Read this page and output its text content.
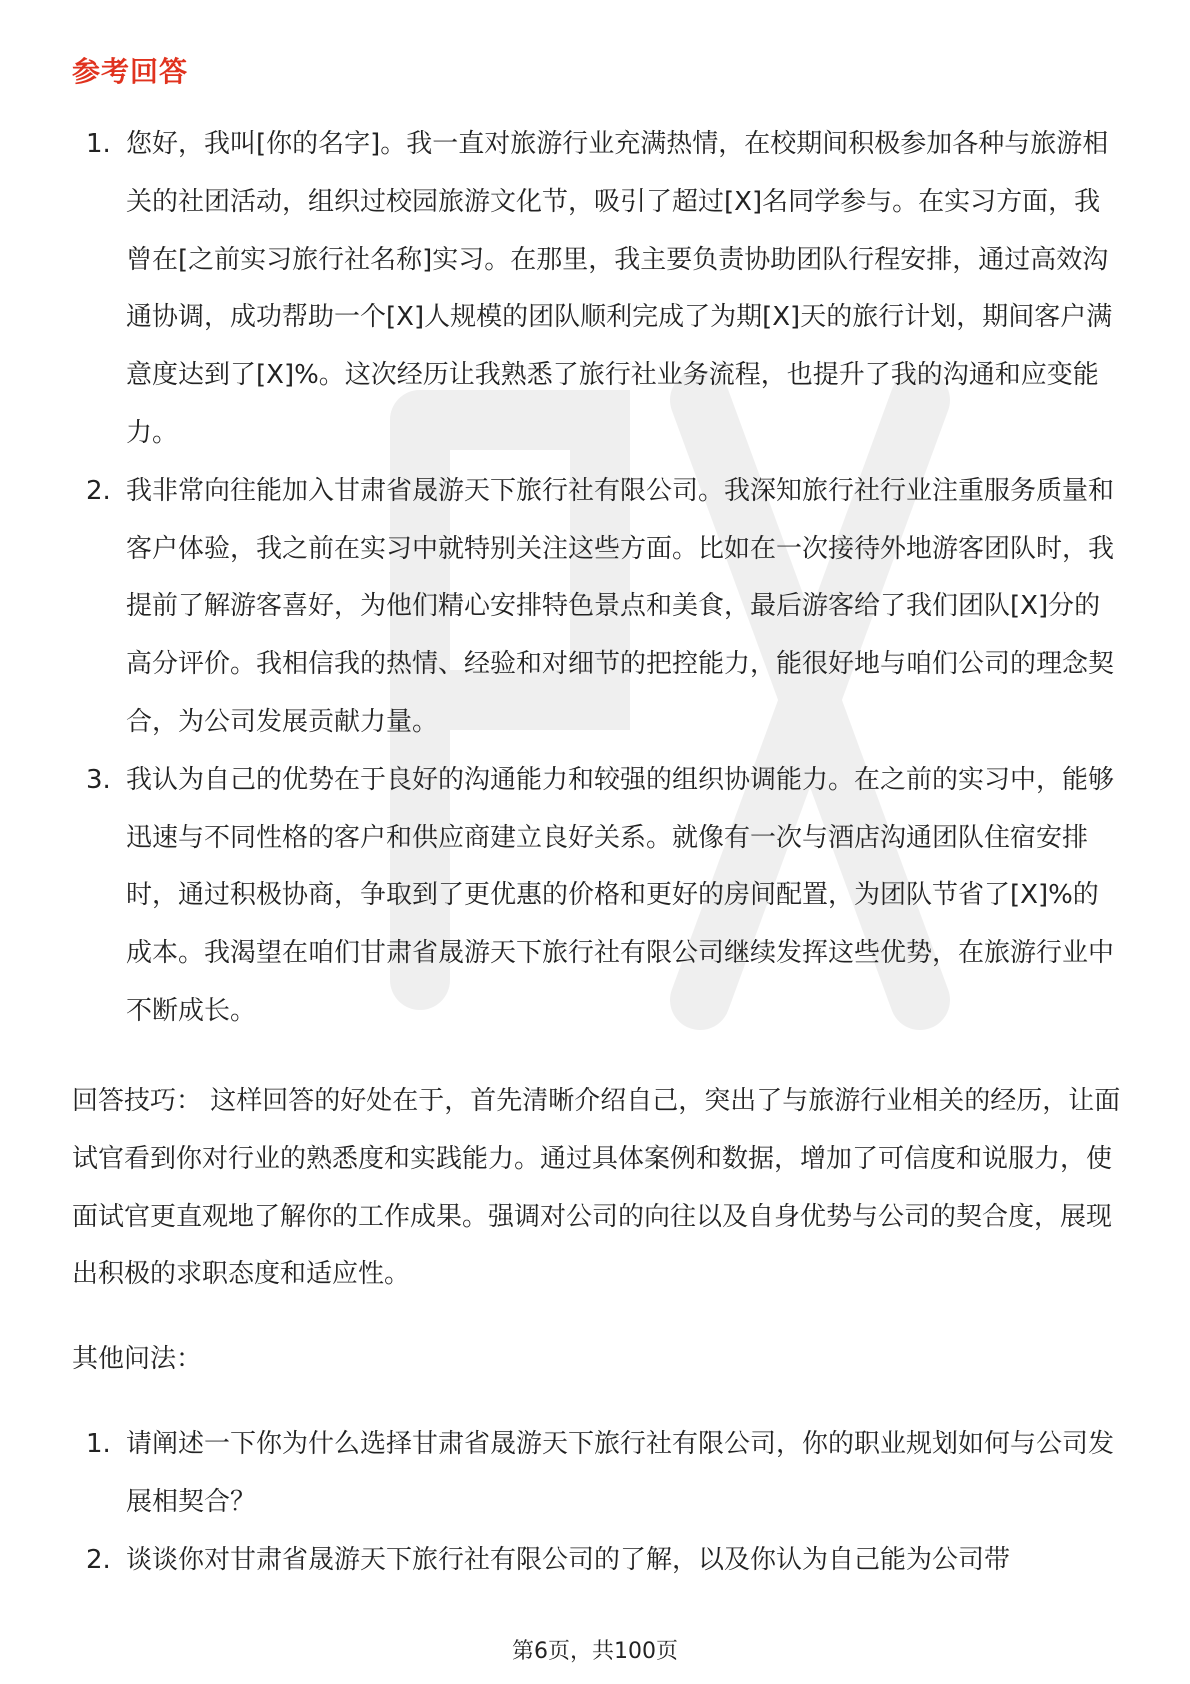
参考回答
1. 您好，我叫[你的名字]。我一直对旅游行业充满热情，在校期间积极参加各种与旅游相关的社团活动，组织过校园旅游文化节，吸引了超过[X]名同学参与。在实习方面，我曾在[之前实习旅行社名称]实习。在那里，我主要负责协助团队行程安排，通过高效沟通协调，成功帮助一个[X]人规模的团队顺利完成了为期[X]天的旅行计划，期间客户满意度达到了[X]%。这次经历让我熟悉了旅行社业务流程，也提升了我的沟通和应变能力。
2. 我非常向往能加入甘肃省晟游天下旅行社有限公司。我深知旅行社行业注重服务质量和客户体验，我之前在实习中就特别关注这些方面。比如在一次接待外地游客团队时，我提前了解游客喜好，为他们精心安排特色景点和美食，最后游客给了我们团队[X]分的高分评价。我相信我的热情、经验和对细节的把控能力，能很好地与咱们公司的理念契合，为公司发展贡献力量。
3. 我认为自己的优势在于良好的沟通能力和较强的组织协调能力。在之前的实习中，能够迅速与不同性格的客户和供应商建立良好关系。就像有一次与酒店沟通团队住宿安排时，通过积极协商，争取到了更优惠的价格和更好的房间配置，为团队节省了[X]%的成本。我渴望在咱们甘肃省晟游天下旅行社有限公司继续发挥这些优势，在旅游行业中不断成长。

回答技巧： 这样回答的好处在于，首先清晰介绍自己，突出了与旅游行业相关的经历，让面试官看到你对行业的熟悉度和实践能力。通过具体案例和数据，增加了可信度和说服力，使面试官更直观地了解你的工作成果。强调对公司的向往以及自身优势与公司的契合度，展现出积极的求职态度和适应性。

其他问法：

1. 请阐述一下你为什么选择甘肃省晟游天下旅行社有限公司，你的职业规划如何与公司发展相契合？
2. 谈谈你对甘肃省晟游天下旅行社有限公司的了解，以及你认为自己能为公司带
第6页，共100页
